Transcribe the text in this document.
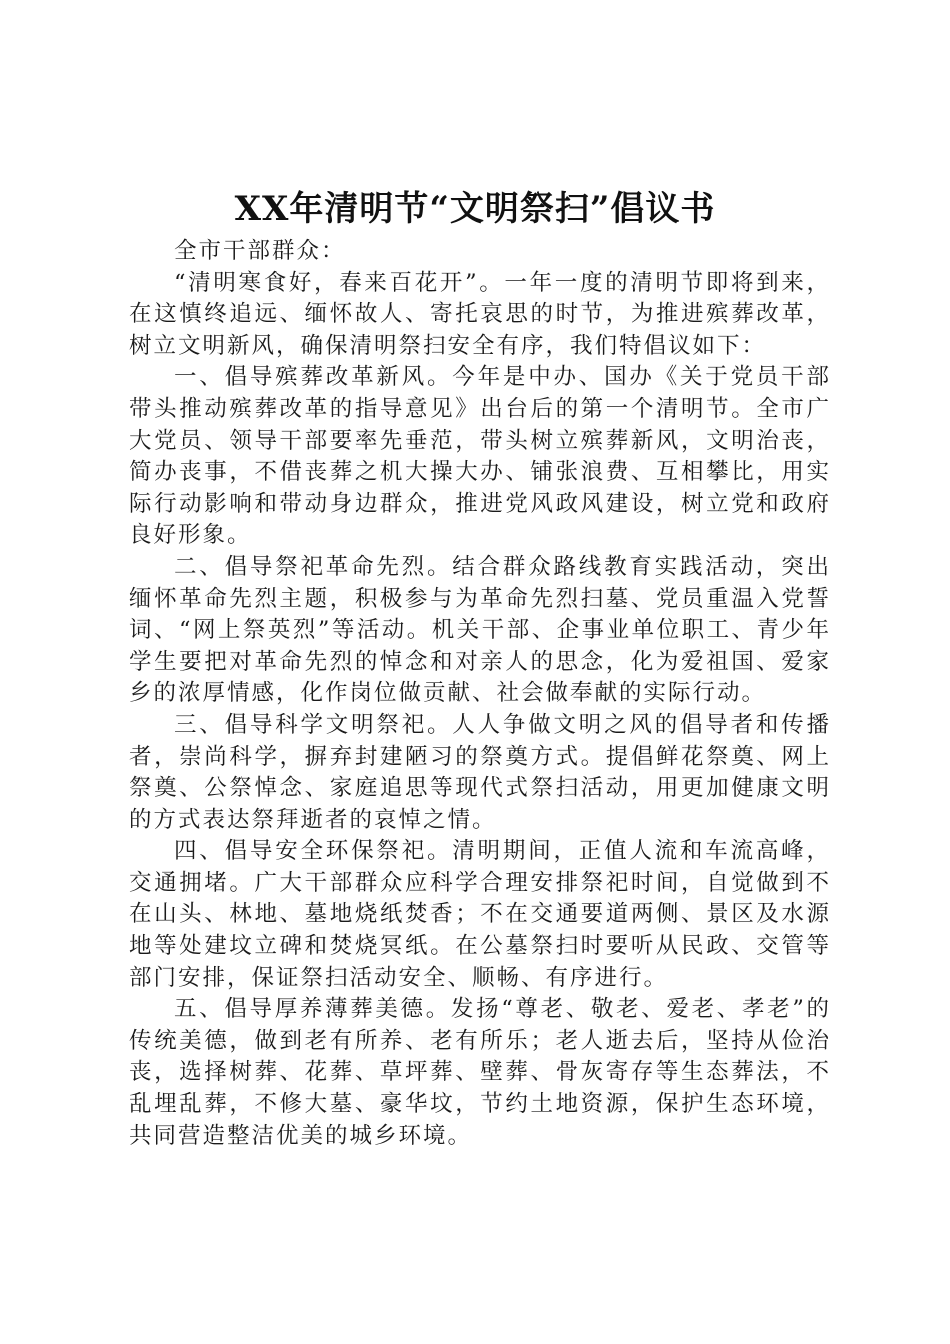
XX年清明节“文明祭扫”倡议书

全市干部群众：

“清明寒食好，春来百花开”。一年一度的清明节即将到来，在这慎终追远、缅怀故人、寄托哀思的时节，为推进殡葬改革，树立文明新风，确保清明祭扫安全有序，我们特倡议如下：

一、倡导殡葬改革新风。今年是中办、国办《关于党员干部带头推动殡葬改革的指导意见》出台后的第一个清明节。全市广大党员、领导干部要率先垂范，带头树立殡葬新风，文明治丧，简办丧事，不借丧葬之机大操大办、铺张浪费、互相攀比，用实际行动影响和带动身边群众，推进党风政风建设，树立党和政府良好形象。

二、倡导祭祀革命先烈。结合群众路线教育实践活动，突出缅怀革命先烈主题，积极参与为革命先烈扫墓、党员重温入党誓词、“网上祭英烈”等活动。机关干部、企事业单位职工、青少年学生要把对革命先烈的悼念和对亲人的思念，化为爱祖国、爱家乡的浓厚情感，化作岗位做贡献、社会做奉献的实际行动。

三、倡导科学文明祭祀。人人争做文明之风的倡导者和传播者，崇尚科学，摒弃封建陋习的祭奠方式。提倡鲜花祭奠、网上祭奠、公祭悼念、家庭追思等现代式祭扫活动，用更加健康文明的方式表达祭拜逝者的哀悼之情。

四、倡导安全环保祭祀。清明期间，正值人流和车流高峰，交通拥堵。广大干部群众应科学合理安排祭祀时间，自觉做到不在山头、林地、墓地烧纸焚香；不在交通要道两侧、景区及水源地等处建坟立碑和焚烧冥纸。在公墓祭扫时要听从民政、交管等部门安排，保证祭扫活动安全、顺畅、有序进行。

五、倡导厚养薄葬美德。发扬“尊老、敬老、爱老、孝老”的传统美德，做到老有所养、老有所乐；老人逝去后，坚持从俭治丧，选择树葬、花葬、草坪葬、壁葬、骨灰寄存等生态葬法，不乱埋乱葬，不修大墓、豪华坟，节约土地资源，保护生态环境，共同营造整洁优美的城乡环境。
